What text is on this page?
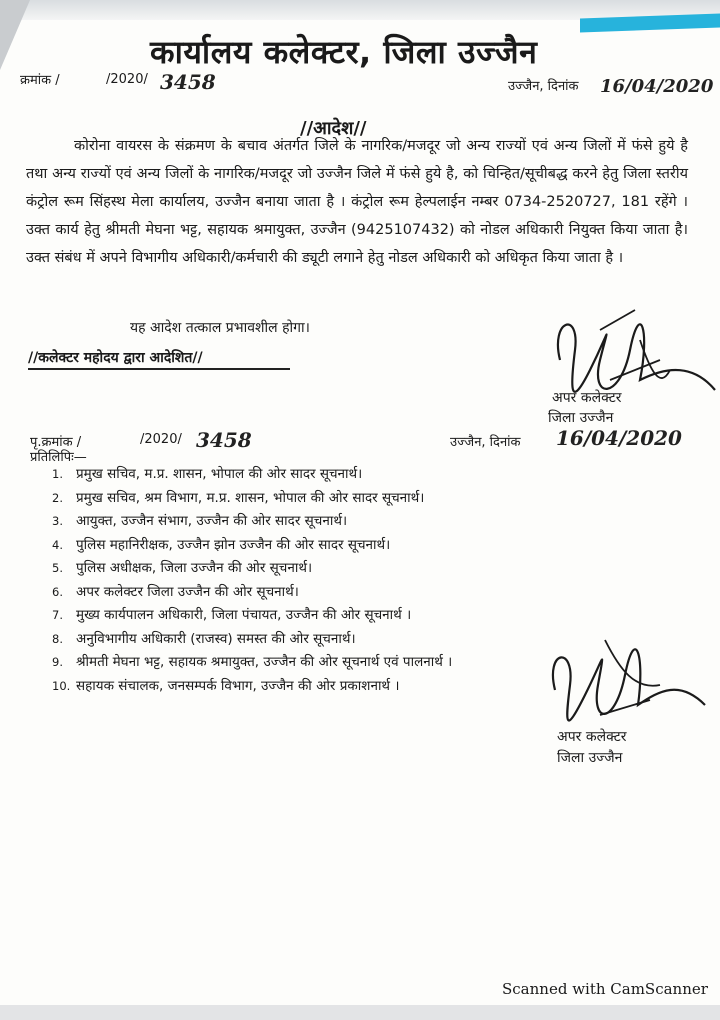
कार्यालय कलेक्टर, जिला उज्जैन
क्रमांक /	/2020/ 3458	उज्जैन, दिनांक 16/04/2020
//आदेश//
कोरोना वायरस के संक्रमण के बचाव अंतर्गत जिले के नागरिक/मजदूर जो अन्य राज्यों एवं अन्य जिलों में फंसे हुये है तथा अन्य राज्यों एवं अन्य जिलों के नागरिक/मजदूर जो उज्जैन जिले में फंसे हुये है, को चिन्हित/सूचीबद्ध करने हेतु जिला स्तरीय कंट्रोल रूम सिंहस्थ मेला कार्यालय, उज्जैन बनाया जाता है । कंट्रोल रूम हेल्पलाईन नम्बर 0734-2520727, 181 रहेंगे । उक्त कार्य हेतु श्रीमती मेघना भट्ट, सहायक श्रमायुक्त, उज्जैन (9425107432) को नोडल अधिकारी नियुक्त किया जाता है। उक्त संबंध में अपने विभागीय अधिकारी/कर्मचारी की ड्यूटी लगाने हेतु नोडल अधिकारी को अधिकृत किया जाता है ।
यह आदेश तत्काल प्रभावशील होगा।
//कलेक्टर महोदय द्वारा आदेशित//
अपर कलेक्टर
जिला उज्जैन
पृ.क्रमांक /	/2020/ 3458	उज्जैन, दिनांक 16/04/2020
प्रतिलिपिः—
1. प्रमुख सचिव, म.प्र. शासन, भोपाल की ओर सादर सूचनार्थ।
2. प्रमुख सचिव, श्रम विभाग, म.प्र. शासन, भोपाल की ओर सादर सूचनार्थ।
3. आयुक्त, उज्जैन संभाग, उज्जैन की ओर सादर सूचनार्थ।
4. पुलिस महानिरीक्षक, उज्जैन झोन उज्जैन की ओर सादर सूचनार्थ।
5. पुलिस अधीक्षक, जिला उज्जैन की ओर सूचनार्थ।
6. अपर कलेक्टर जिला उज्जैन की ओर सूचनार्थ।
7. मुख्य कार्यपालन अधिकारी, जिला पंचायत, उज्जैन की ओर सूचनार्थ ।
8. अनुविभागीय अधिकारी (राजस्व) समस्त की ओर सूचनार्थ।
9. श्रीमती मेघना भट्ट, सहायक श्रमायुक्त, उज्जैन की ओर सूचनार्थ एवं पालनार्थ ।
10. सहायक संचालक, जनसम्पर्क विभाग, उज्जैन की ओर प्रकाशनार्थ ।
अपर कलेक्टर
जिला उज्जैन
Scanned with CamScanner
